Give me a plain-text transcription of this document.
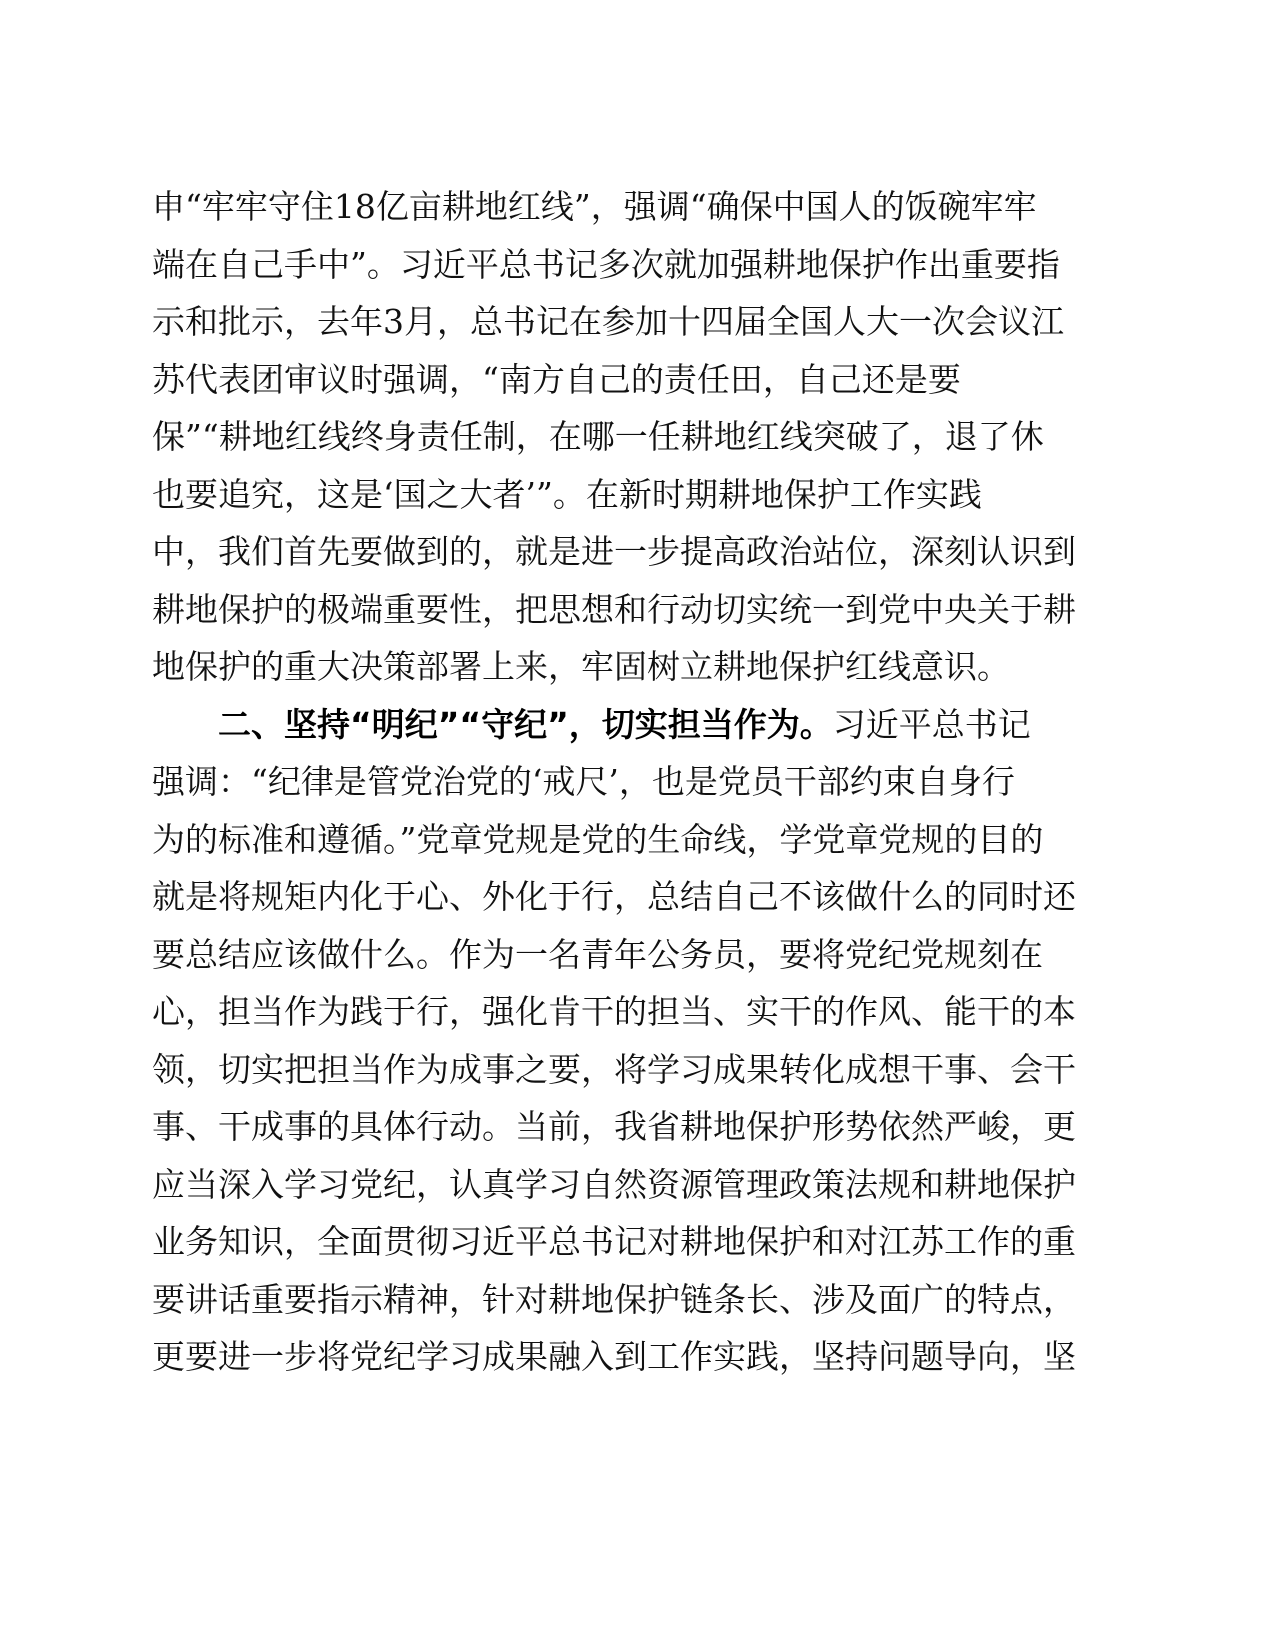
申“牢牢守住18亿亩耕地红线”，强调“确保中国人的饭碗牢牢
端在自己手中”。习近平总书记多次就加强耕地保护作出重要指
示和批示，去年3月，总书记在参加十四届全国人大一次会议江
苏代表团审议时强调，“南方自己的责任田，自己还是要
保”“耕地红线终身责任制，在哪一任耕地红线突破了，退了休
也要追究，这是‘国之大者’”。在新时期耕地保护工作实践
中，我们首先要做到的，就是进一步提高政治站位，深刻认识到
耕地保护的极端重要性，把思想和行动切实统一到党中央关于耕
地保护的重大决策部署上来，牢固树立耕地保护红线意识。
二、坚持“明纪”“守纪”，切实担当作为。习近平总书记
强调：“纪律是管党治党的‘戒尺’，也是党员干部约束自身行
为的标准和遵循。”党章党规是党的生命线，学党章党规的目的
就是将规矩内化于心、外化于行，总结自己不该做什么的同时还
要总结应该做什么。作为一名青年公务员，要将党纪党规刻在
心，担当作为践于行，强化肯干的担当、实干的作风、能干的本
领，切实把担当作为成事之要，将学习成果转化成想干事、会干
事、干成事的具体行动。当前，我省耕地保护形势依然严峻，更
应当深入学习党纪，认真学习自然资源管理政策法规和耕地保护
业务知识，全面贯彻习近平总书记对耕地保护和对江苏工作的重
要讲话重要指示精神，针对耕地保护链条长、涉及面广的特点，
更要进一步将党纪学习成果融入到工作实践，坚持问题导向，坚
